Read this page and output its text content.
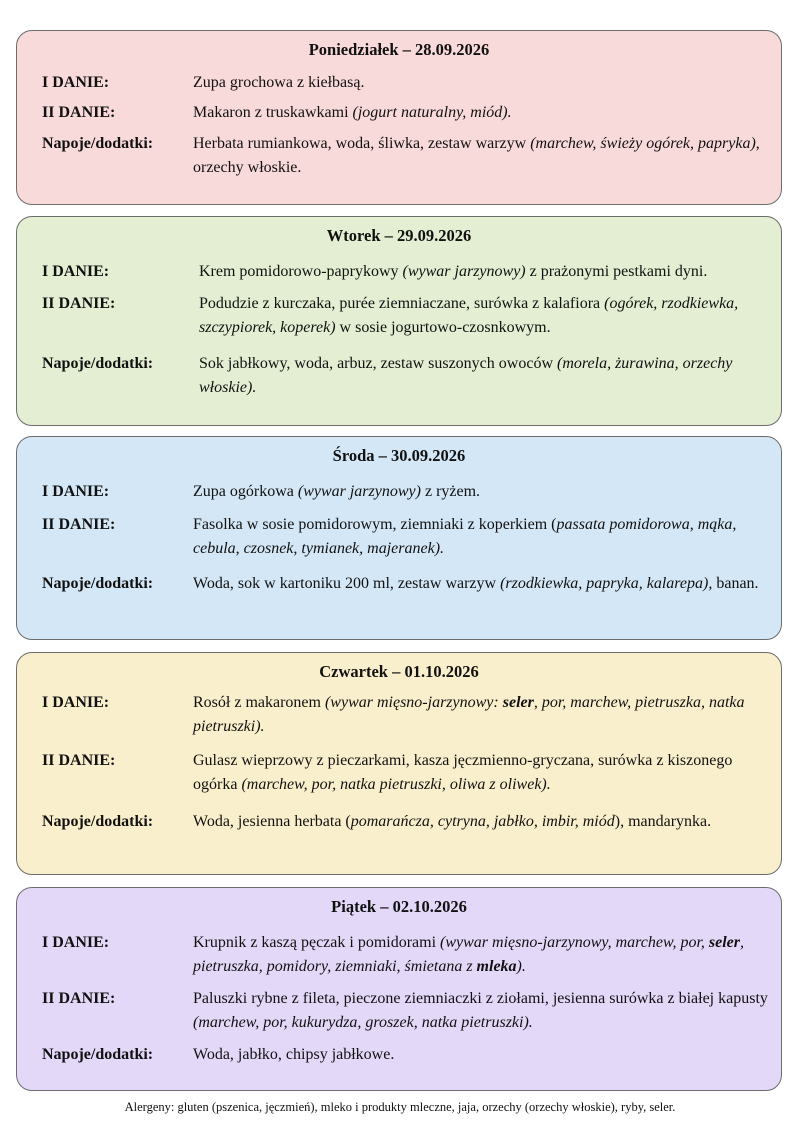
Poniedziałek – 28.09.2026
I DANIE:	Zupa grochowa z kiełbasą.
II DANIE:	Makaron z truskawkami (jogurt naturalny, miód).
Napoje/dodatki: Herbata rumiankowa, woda, śliwka, zestaw warzyw (marchew, świeży ogórek, papryka), orzechy włoskie.
Wtorek – 29.09.2026
I DANIE:	Krem pomidorowo-paprykowy (wywar jarzynowy) z prażonymi pestkami dyni.
II DANIE:	Podudzie z kurczaka, purée ziemniaczane, surówka z kalafiora (ogórek, rzodkiewka, szczypiorek, koperek) w sosie jogurtowo-czosnkowym.
Napoje/dodatki:	Sok jabłkowy, woda, arbuz, zestaw suszonych owoców (morela, żurawina, orzechy włoskie).
Środa – 30.09.2026
I DANIE:	Zupa ogórkowa (wywar jarzynowy) z ryżem.
II DANIE:	Fasolka w sosie pomidorowym, ziemniaki z koperkiem (passata pomidorowa, mąka, cebula, czosnek, tymianek, majeranek).
Napoje/dodatki: Woda, sok w kartoniku 200 ml, zestaw warzyw (rzodkiewka, papryka, kalarepa), banan.
Czwartek – 01.10.2026
I DANIE:	Rosół z makaronem (wywar mięsno-jarzynowy: seler, por, marchew, pietruszka, natka pietruszki).
II DANIE:	Gulasz wieprzowy z pieczarkami, kasza jęczmienno-gryczana, surówka z kiszonego ogórka (marchew, por, natka pietruszki, oliwa z oliwek).
Napoje/dodatki: Woda, jesienna herbata (pomarańcza, cytryna, jabłko, imbir, miód), mandarynka.
Piątek – 02.10.2026
I DANIE:	Krupnik z kaszą pęczak i pomidorami (wywar mięsno-jarzynowy, marchew, por, seler, pietruszka, pomidory, ziemniaki, śmietana z mleka).
II DANIE:	Paluszki rybne z fileta, pieczone ziemniaczki z ziołami, jesienna surówka z białej kapusty (marchew, por, kukurydza, groszek, natka pietruszki).
Napoje/dodatki: Woda, jabłko, chipsy jabłkowe.
Alergeny: gluten (pszenica, jęczmień), mleko i produkty mleczne, jaja, orzechy (orzechy włoskie), ryby, seler.
